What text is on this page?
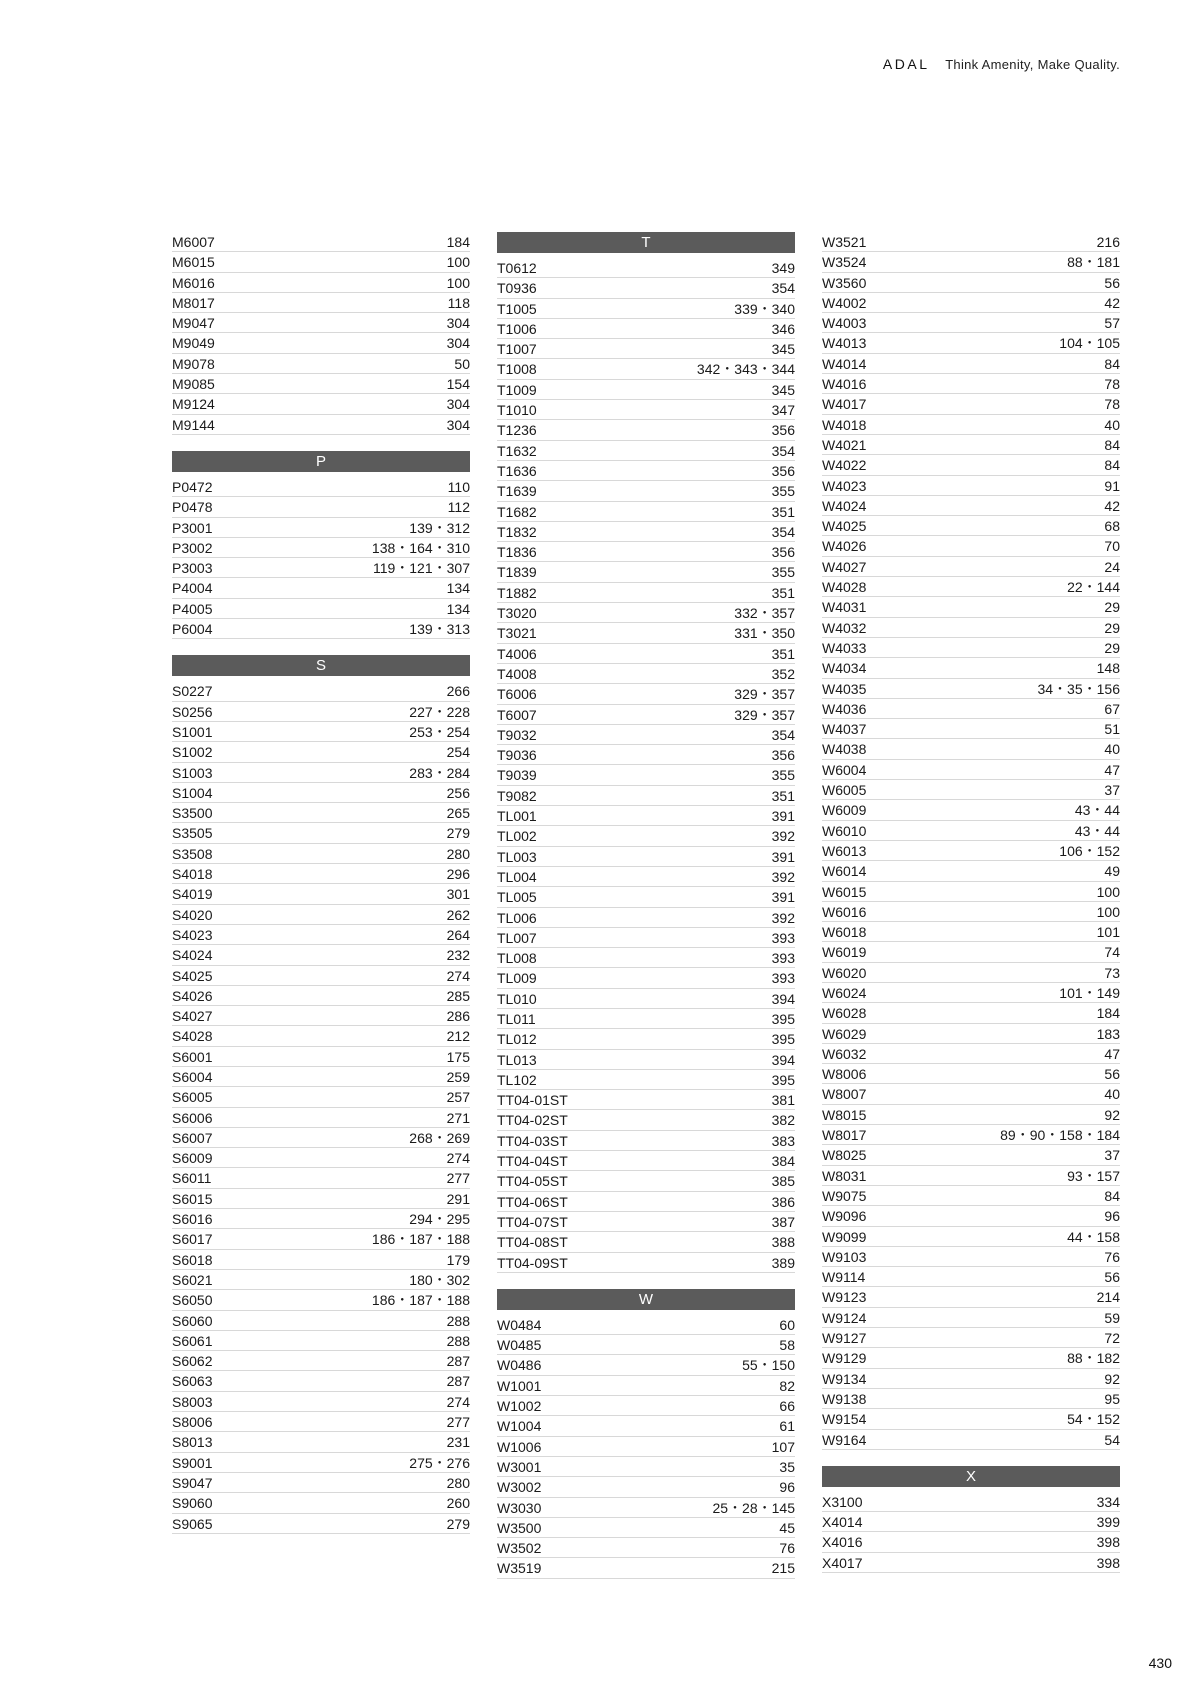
ADAL Think Amenity, Make Quality.
M6007	184
M6015	100
M6016	100
M8017	118
M9047	304
M9049	304
M9078	50
M9085	154
M9124	304
M9144	304
P
P0472	110
P0478	112
P3001	139・312
P3002	138・164・310
P3003	119・121・307
P4004	134
P4005	134
P6004	139・313
S
S0227	266
S0256	227・228
S1001	253・254
S1002	254
S1003	283・284
S1004	256
S3500	265
S3505	279
S3508	280
S4018	296
S4019	301
S4020	262
S4023	264
S4024	232
S4025	274
S4026	285
S4027	286
S4028	212
S6001	175
S6004	259
S6005	257
S6006	271
S6007	268・269
S6009	274
S6011	277
S6015	291
S6016	294・295
S6017	186・187・188
S6018	179
S6021	180・302
S6050	186・187・188
S6060	288
S6061	288
S6062	287
S6063	287
S8003	274
S8006	277
S8013	231
S9001	275・276
S9047	280
S9060	260
S9065	279
T
T0612	349
T0936	354
T1005	339・340
T1006	346
T1007	345
T1008	342・343・344
T1009	345
T1010	347
T1236	356
T1632	354
T1636	356
T1639	355
T1682	351
T1832	354
T1836	356
T1839	355
T1882	351
T3020	332・357
T3021	331・350
T4006	351
T4008	352
T6006	329・357
T6007	329・357
T9032	354
T9036	356
T9039	355
T9082	351
TL001	391
TL002	392
TL003	391
TL004	392
TL005	391
TL006	392
TL007	393
TL008	393
TL009	393
TL010	394
TL011	395
TL012	395
TL013	394
TL102	395
TT04-01ST	381
TT04-02ST	382
TT04-03ST	383
TT04-04ST	384
TT04-05ST	385
TT04-06ST	386
TT04-07ST	387
TT04-08ST	388
TT04-09ST	389
W
W0484	60
W0485	58
W0486	55・150
W1001	82
W1002	66
W1004	61
W1006	107
W3001	35
W3002	96
W3030	25・28・145
W3500	45
W3502	76
W3519	215
W3521	216
W3524	88・181
W3560	56
W4002	42
W4003	57
W4013	104・105
W4014	84
W4016	78
W4017	78
W4018	40
W4021	84
W4022	84
W4023	91
W4024	42
W4025	68
W4026	70
W4027	24
W4028	22・144
W4031	29
W4032	29
W4033	29
W4034	148
W4035	34・35・156
W4036	67
W4037	51
W4038	40
W6004	47
W6005	37
W6009	43・44
W6010	43・44
W6013	106・152
W6014	49
W6015	100
W6016	100
W6018	101
W6019	74
W6020	73
W6024	101・149
W6028	184
W6029	183
W6032	47
W8006	56
W8007	40
W8015	92
W8017	89・90・158・184
W8025	37
W8031	93・157
W9075	84
W9096	96
W9099	44・158
W9103	76
W9114	56
W9123	214
W9124	59
W9127	72
W9129	88・182
W9134	92
W9138	95
W9154	54・152
W9164	54
X
X3100	334
X4014	399
X4016	398
X4017	398
430
